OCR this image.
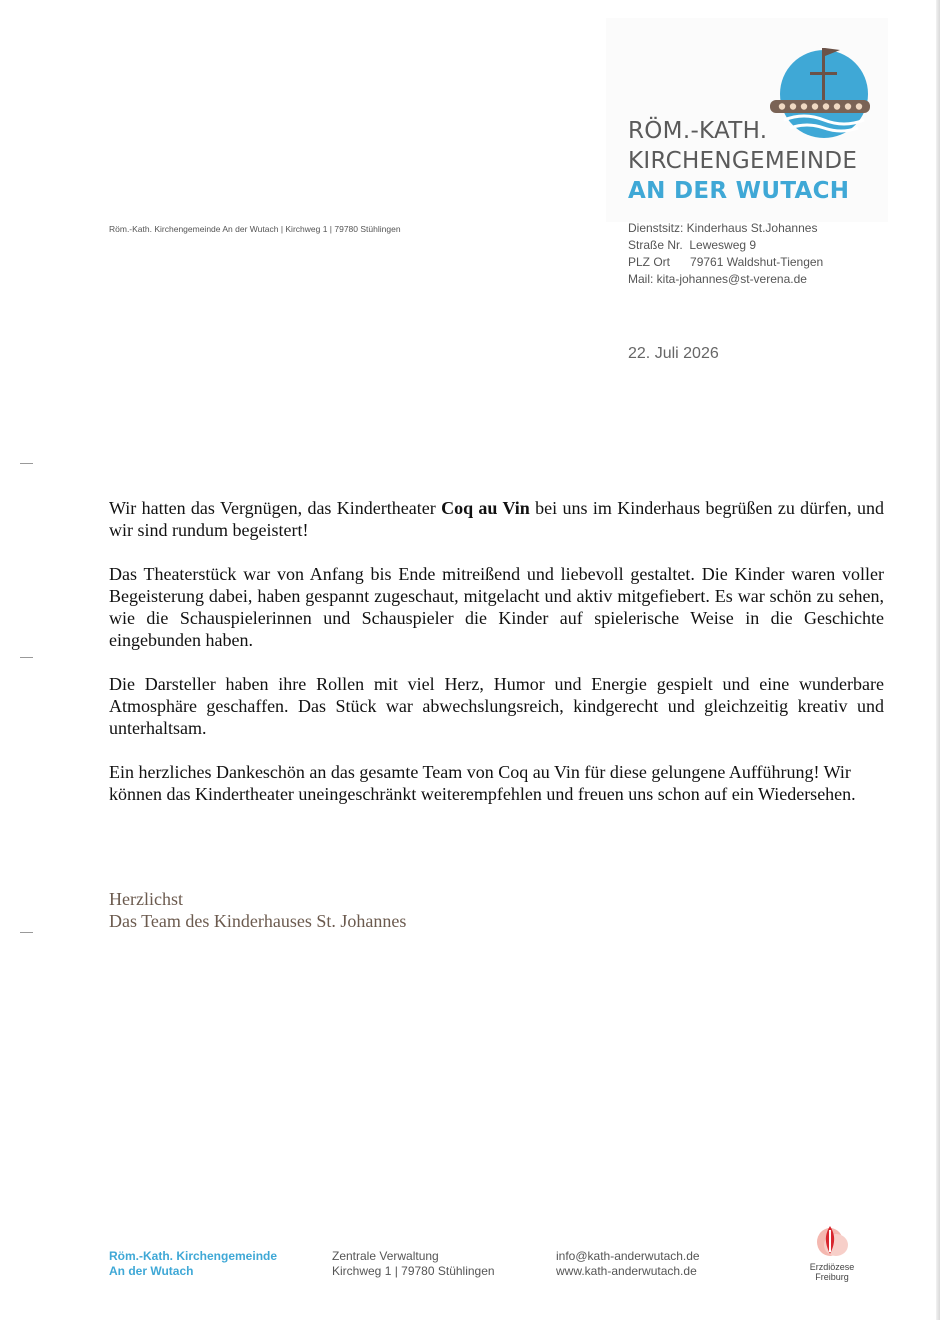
RÖM.-KATH.
KIRCHENGEMEINDE
AN DER WUTACH
Röm.-Kath. Kirchengemeinde An der Wutach | Kirchweg 1 | 79780 Stühlingen	Dienstsitz: Kinderhaus St.Johannes
Straße Nr. Lewesweg 9
PLZ Ort 79761 Waldshut-Tiengen
Mail: kita-johannes@st-verena.de
22. Juli 2026

Wir hatten das Vergnügen, das Kindertheater Coq au Vin bei uns im Kinderhaus begrüßen zu dürfen, und wir sind rundum begeistert!

Das Theaterstück war von Anfang bis Ende mitreißend und liebevoll gestaltet. Die Kinder waren voller Begeisterung dabei, haben gespannt zugeschaut, mitgelacht und aktiv mitgefiebert. Es war schön zu sehen, wie die Schauspielerinnen und Schauspieler die Kinder auf spielerische Weise in die Geschichte eingebunden haben.

Die Darsteller haben ihre Rollen mit viel Herz, Humor und Energie gespielt und eine wunderbare Atmosphäre geschaffen. Das Stück war abwechslungsreich, kindgerecht und gleichzeitig kreativ und unterhaltsam.

Ein herzliches Dankeschön an das gesamte Team von Coq au Vin für diese gelungene Aufführung! Wir können das Kindertheater uneingeschränkt weiterempfehlen und freuen uns schon auf ein Wiedersehen.

Herzlichst
Das Team des Kinderhauses St. Johannes
Röm.-Kath. Kirchengemeinde
An der Wutach
Zentrale Verwaltung
Kirchweg 1 | 79780 Stühlingen
info@kath-anderwutach.de
www.kath-anderwutach.de	Erzdiözese
Freiburg
